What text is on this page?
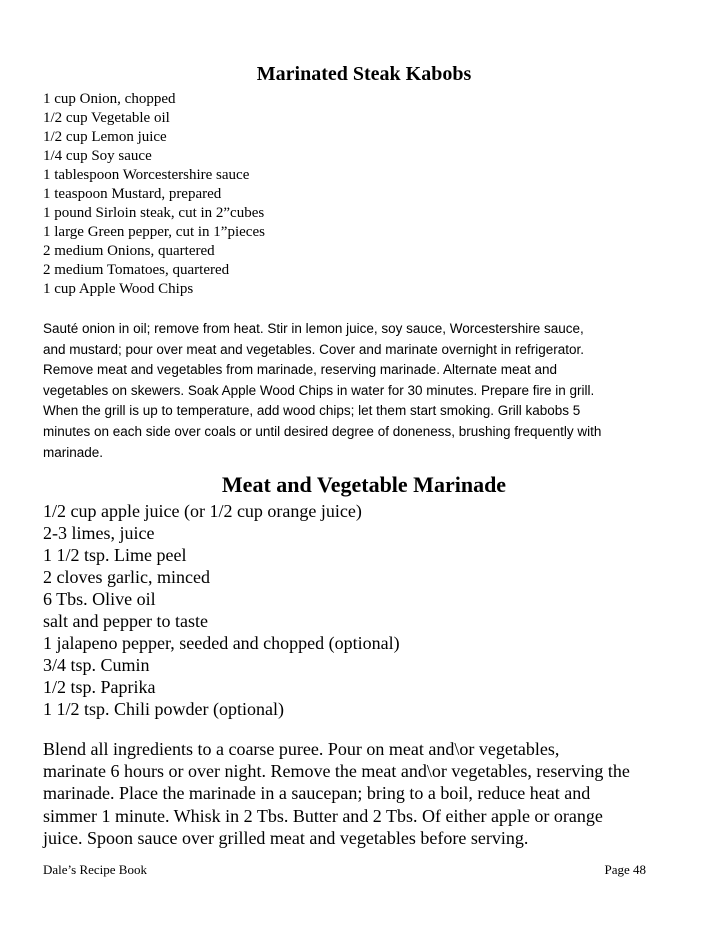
Marinated Steak Kabobs
1 cup Onion, chopped
1/2 cup Vegetable oil
1/2 cup Lemon juice
1/4 cup Soy sauce
1 tablespoon Worcestershire sauce
1 teaspoon Mustard, prepared
1 pound Sirloin steak, cut in 2”cubes
1 large Green pepper, cut in 1”pieces
2 medium Onions, quartered
2 medium Tomatoes, quartered
1 cup Apple Wood Chips

Sauté onion in oil; remove from heat. Stir in lemon juice, soy sauce, Worcestershire sauce,
and mustard; pour over meat and vegetables. Cover and marinate overnight in refrigerator.
Remove meat and vegetables from marinade, reserving marinade. Alternate meat and
vegetables on skewers. Soak Apple Wood Chips in water for 30 minutes. Prepare fire in grill.
When the grill is up to temperature, add wood chips; let them start smoking. Grill kabobs 5
minutes on each side over coals or until desired degree of doneness, brushing frequently with
marinade.

Meat and Vegetable Marinade
1/2 cup apple juice (or 1/2 cup orange juice)
2-3 limes, juice
1 1/2 tsp. Lime peel
2 cloves garlic, minced
6 Tbs. Olive oil
salt and pepper to taste
1 jalapeno pepper, seeded and chopped (optional)
3/4 tsp. Cumin
1/2 tsp. Paprika
1 1/2 tsp. Chili powder (optional)

Blend all ingredients to a coarse puree. Pour on meat and\or vegetables,
marinate 6 hours or over night. Remove the meat and\or vegetables, reserving the
marinade. Place the marinade in a saucepan; bring to a boil, reduce heat and
simmer 1 minute. Whisk in 2 Tbs. Butter and 2 Tbs. Of either apple or orange
juice. Spoon sauce over grilled meat and vegetables before serving.

Dale’s Recipe Book	Page 48
